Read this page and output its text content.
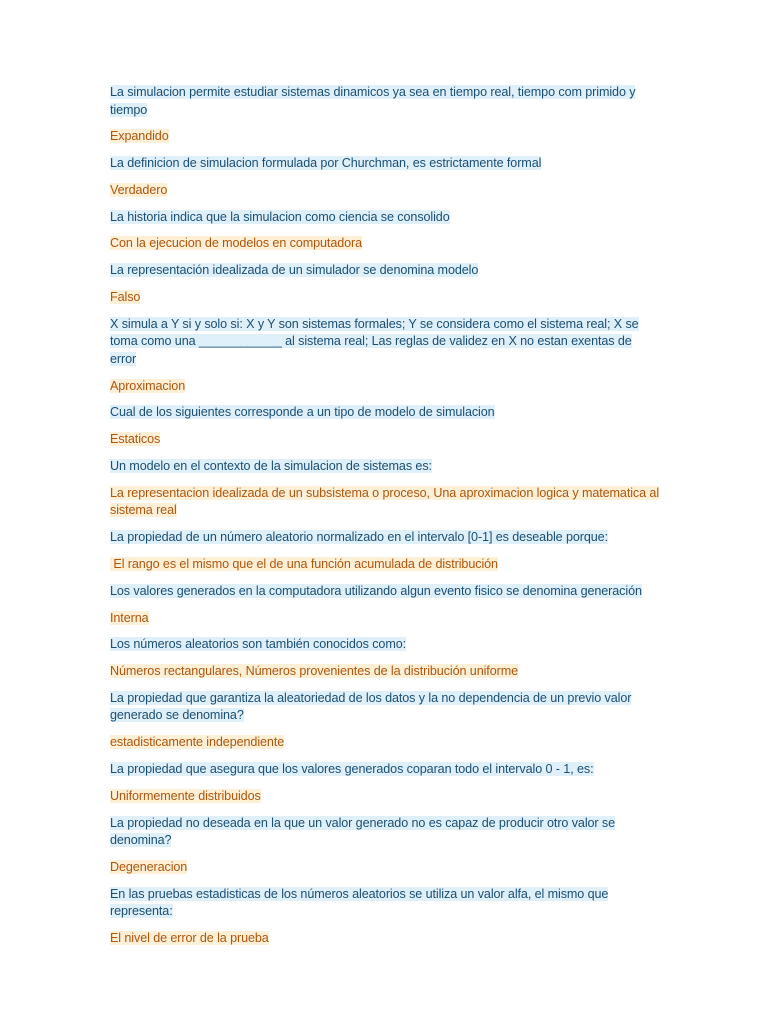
La simulacion permite estudiar sistemas dinamicos ya sea en tiempo real, tiempo com primido y tiempo

Expandido

La definicion de simulacion formulada por Churchman, es estrictamente formal

Verdadero

La historia indica que la simulacion como ciencia se consolido

Con la ejecucion de modelos en computadora

La representación idealizada de un simulador se denomina modelo

Falso

X simula a Y si y solo si: X y Y son sistemas formales; Y se considera como el sistema real; X se toma como una ____________ al sistema real; Las reglas de validez en X no estan exentas de error

Aproximacion

Cual de los siguientes corresponde a un tipo de modelo de simulacion

Estaticos

Un modelo en el contexto de la simulacion de sistemas es:

La representacion idealizada de un subsistema o proceso, Una aproximacion logica y matematica al sistema real

La propiedad de un número aleatorio normalizado en el intervalo [0-1] es deseable porque:

El rango es el mismo que el de una función acumulada de distribución

Los valores generados en la computadora utilizando algun evento fisico se denomina generación

Interna

Los números aleatorios son también conocidos como:

Números rectangulares, Números provenientes de la distribución uniforme

La propiedad que garantiza la aleatoriedad de los datos y la no dependencia de un previo valor generado se denomina?

estadisticamente independiente

La propiedad que asegura que los valores generados coparan todo el intervalo 0 - 1, es:

Uniformemente distribuidos

La propiedad no deseada en la que un valor generado no es capaz de producir otro valor se denomina?

Degeneracion

En las pruebas estadisticas de los números aleatorios se utiliza un valor alfa, el mismo que representa:

El nivel de error de la prueba
